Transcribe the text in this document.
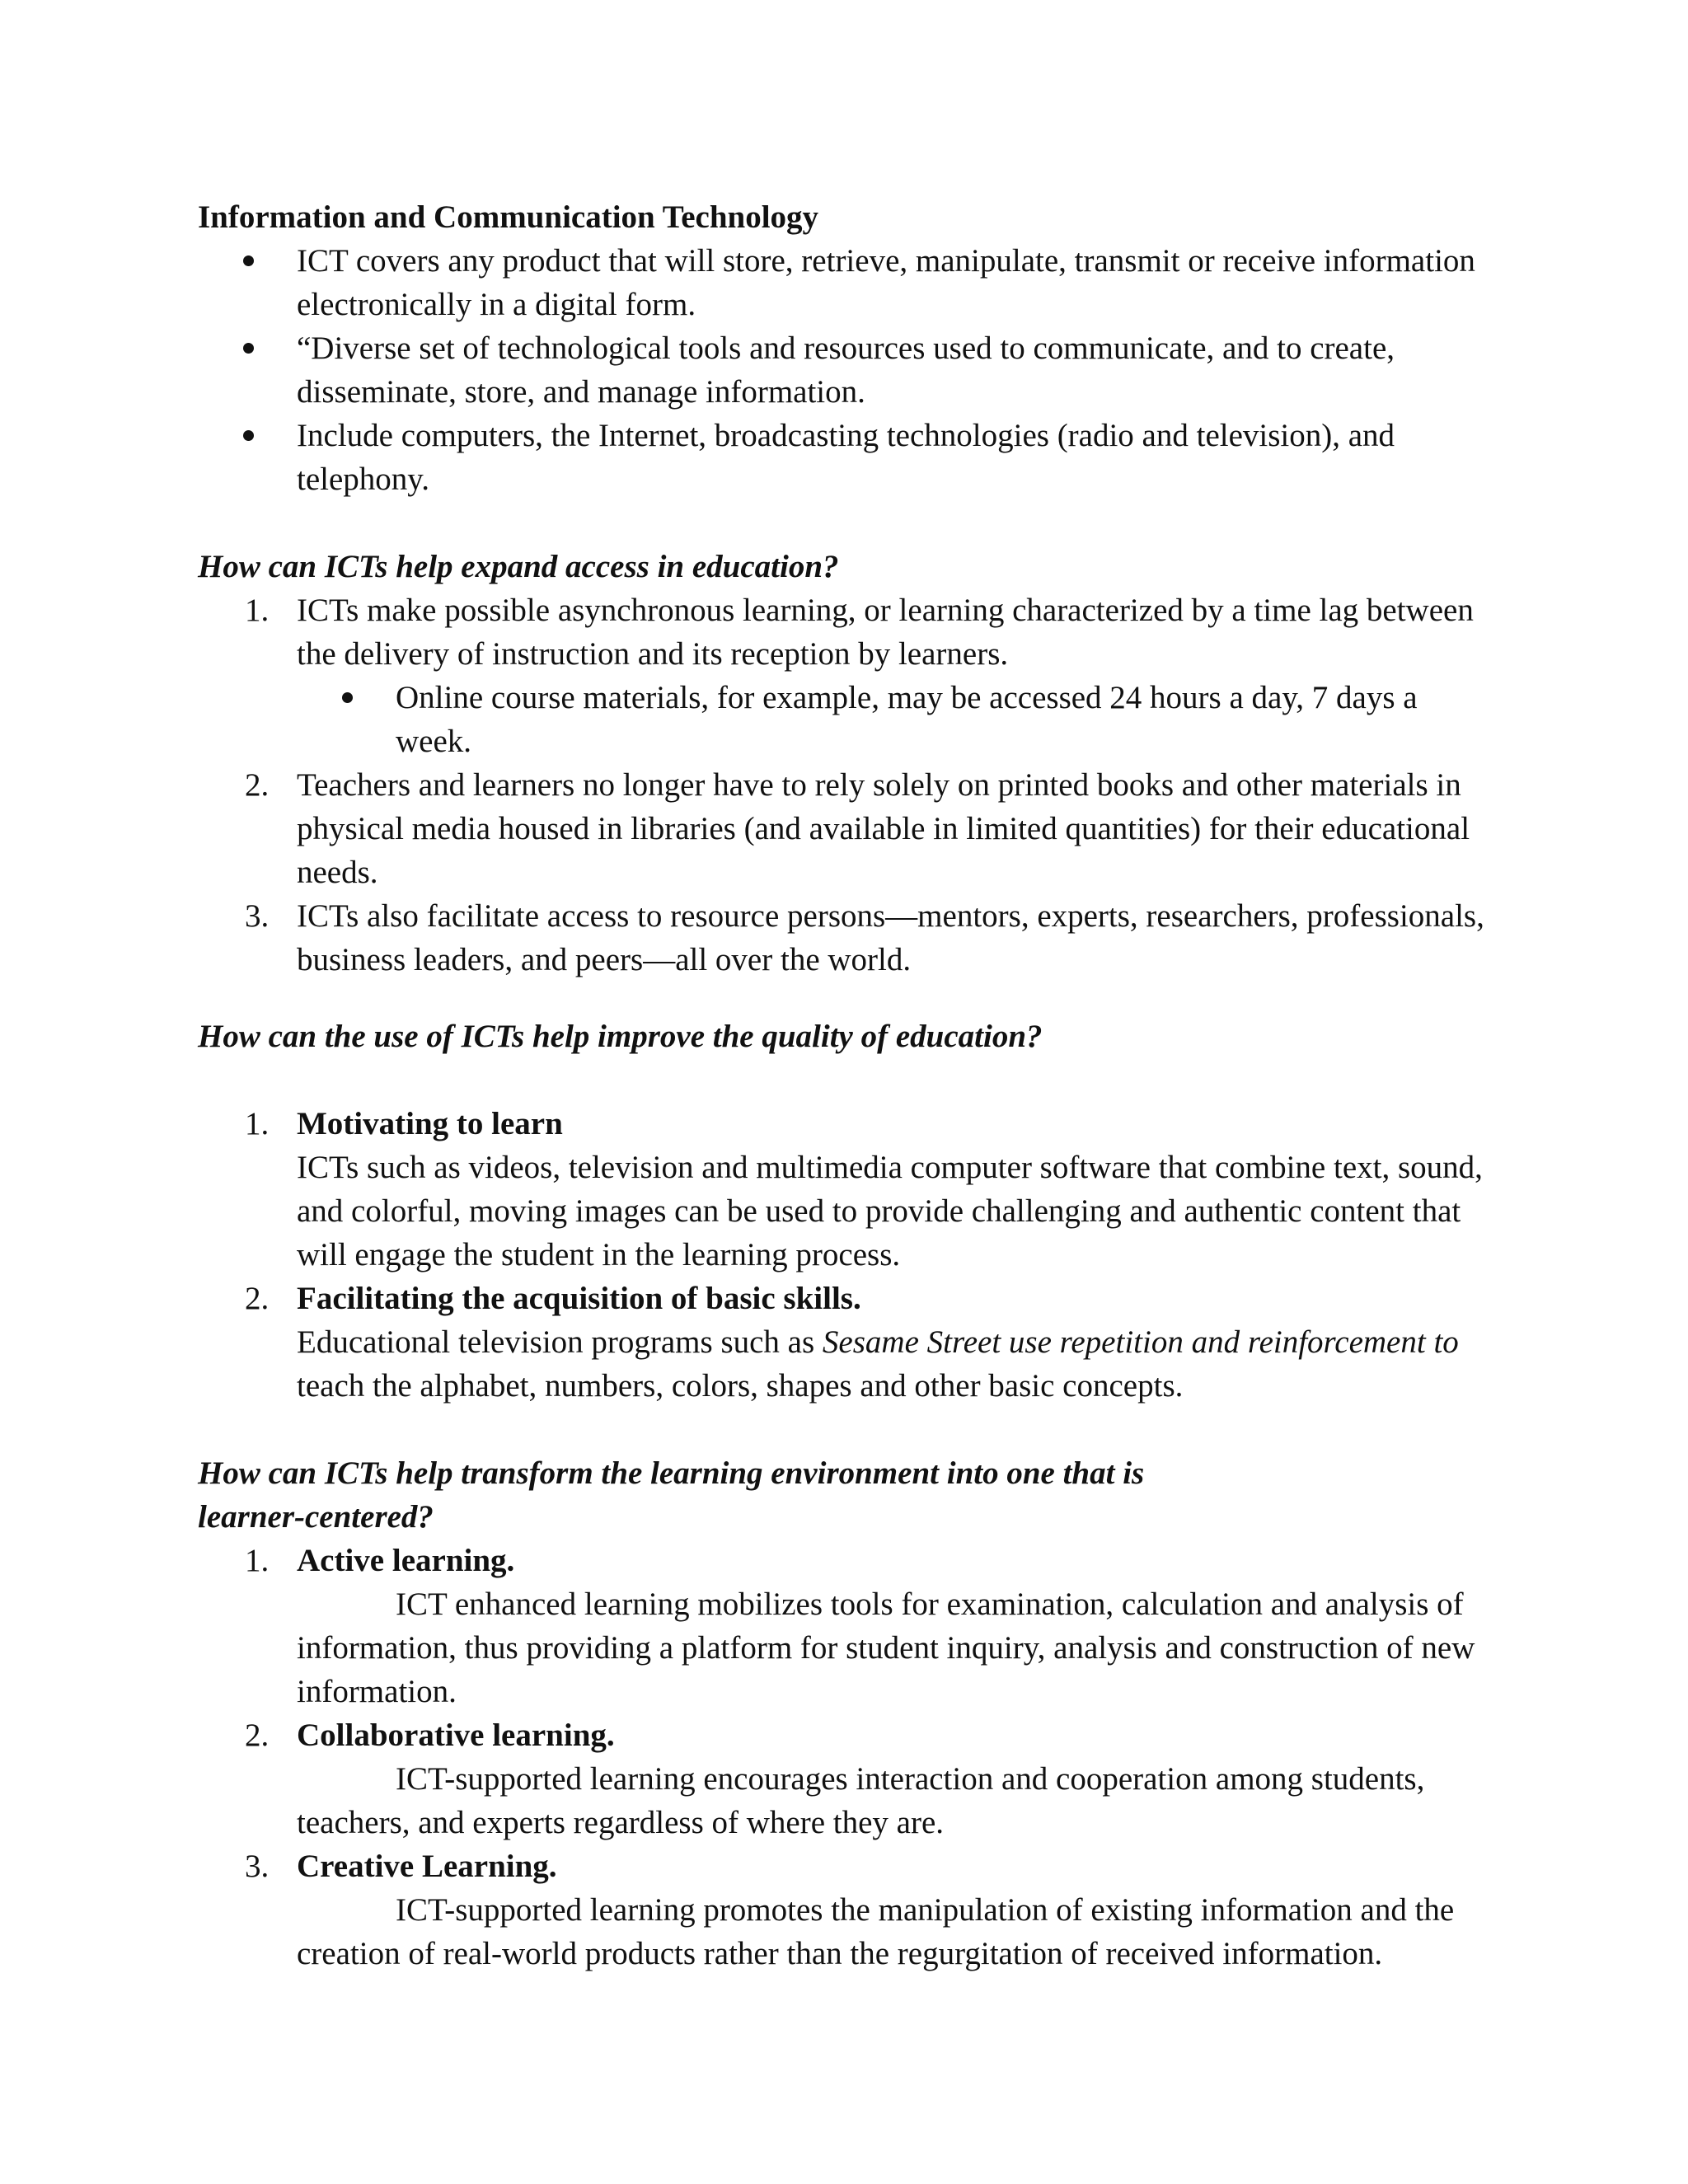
Information and Communication Technology

ICT covers any product that will store, retrieve, manipulate, transmit or receive information electronically in a digital form.

“Diverse set of technological tools and resources used to communicate, and to create, disseminate, store, and manage information.

Include computers, the Internet, broadcasting technologies (radio and television), and telephony.

How can ICTs help expand access in education?

1. ICTs make possible asynchronous learning, or learning characterized by a time lag between the delivery of instruction and its reception by learners.

Online course materials, for example, may be accessed 24 hours a day, 7 days a week.

2. Teachers and learners no longer have to rely solely on printed books and other materials in physical media housed in libraries (and available in limited quantities) for their educational needs.

3. ICTs also facilitate access to resource persons—mentors, experts, researchers, professionals, business leaders, and peers—all over the world.

How can the use of ICTs help improve the quality of education?

1. Motivating to learn

ICTs such as videos, television and multimedia computer software that combine text, sound, and colorful, moving images can be used to provide challenging and authentic content that will engage the student in the learning process.

2. Facilitating the acquisition of basic skills.

Educational television programs such as Sesame Street use repetition and reinforcement to teach the alphabet, numbers, colors, shapes and other basic concepts.

How can ICTs help transform the learning environment into one that is
learner-centered?

1. Active learning.

ICT enhanced learning mobilizes tools for examination, calculation and analysis of information, thus providing a platform for student inquiry, analysis and construction of new information.

2. Collaborative learning.

ICT-supported learning encourages interaction and cooperation among students, teachers, and experts regardless of where they are.

3. Creative Learning.

ICT-supported learning promotes the manipulation of existing information and the creation of real-world products rather than the regurgitation of received information.
